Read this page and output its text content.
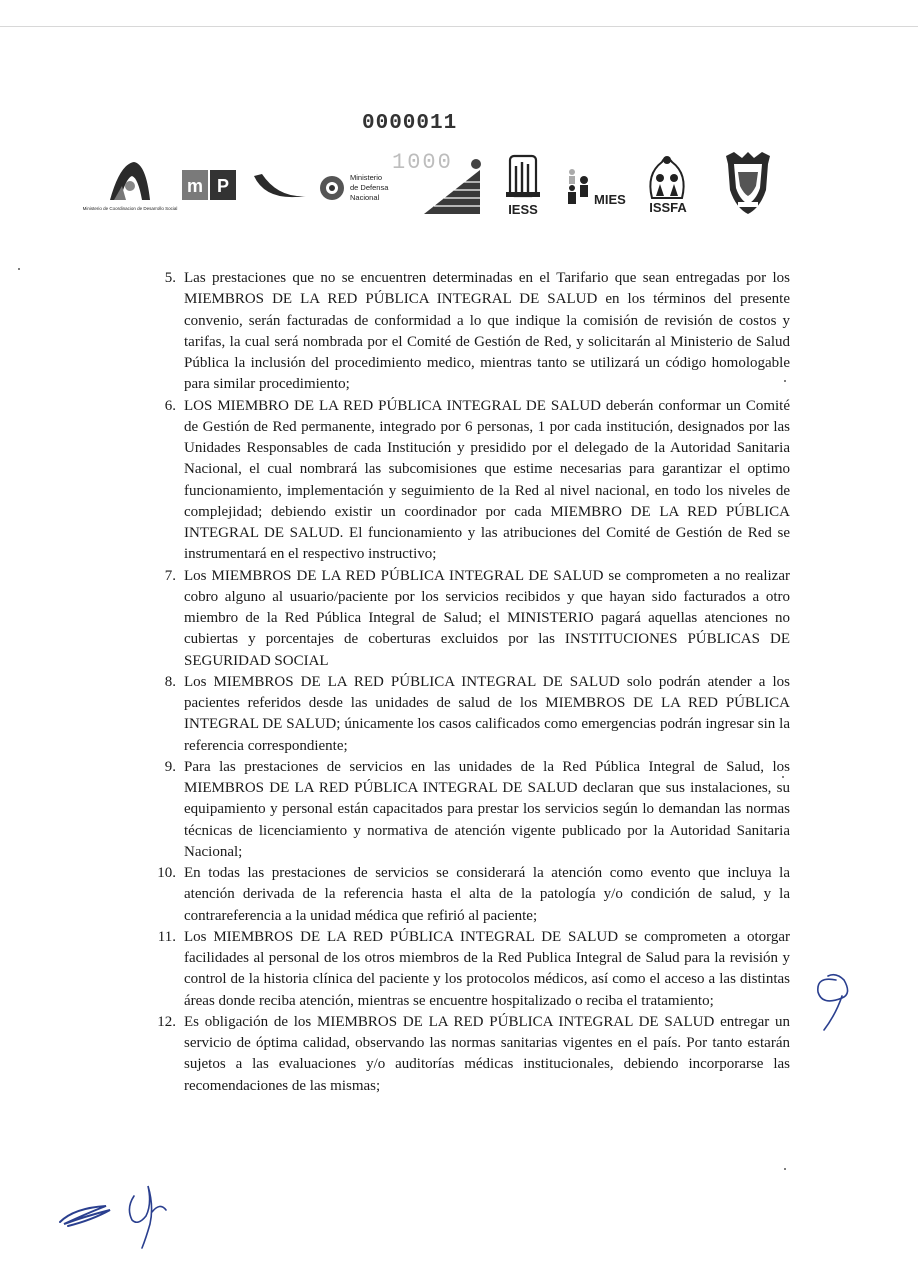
0000011
1000
Ministerio de Coordinacion de Desarrollo Social
m P	Ministerio
de Defensa
Nacional
IESS
MIES
ISSFA
5. Las prestaciones que no se encuentren determinadas en el Tarifario que sean entregadas por los MIEMBROS DE LA RED PÚBLICA INTEGRAL DE SALUD en los términos del presente convenio, serán facturadas de conformidad a lo que indique la comisión de revisión de costos y tarifas, la cual será nombrada por el Comité de Gestión de Red, y solicitarán al Ministerio de Salud Pública la inclusión del procedimiento medico, mientras tanto se utilizará un código homologable para similar procedimiento;
6. LOS MIEMBRO DE LA RED PÚBLICA INTEGRAL DE SALUD deberán conformar un Comité de Gestión de Red permanente, integrado por 6 personas, 1 por cada institución, designados por las Unidades Responsables de cada Institución y presidido por el delegado de la Autoridad Sanitaria Nacional, el cual nombrará las subcomisiones que estime necesarias para garantizar el optimo funcionamiento, implementación y seguimiento de la Red al nivel nacional, en todo los niveles de complejidad; debiendo existir un coordinador por cada MIEMBRO DE LA RED PÚBLICA INTEGRAL DE SALUD. El funcionamiento y las atribuciones del Comité de Gestión de Red se instrumentará en el respectivo instructivo;
7. Los MIEMBROS DE LA RED PÚBLICA INTEGRAL DE SALUD se comprometen a no realizar cobro alguno al usuario/paciente por los servicios recibidos y que hayan sido facturados a otro miembro de la Red Pública Integral de Salud; el MINISTERIO pagará aquellas atenciones no cubiertas y porcentajes de coberturas excluidos por las INSTITUCIONES PÚBLICAS DE SEGURIDAD SOCIAL
8. Los MIEMBROS DE LA RED PÚBLICA INTEGRAL DE SALUD solo podrán atender a los pacientes referidos desde las unidades de salud de los MIEMBROS DE LA RED PÚBLICA INTEGRAL DE SALUD; únicamente los casos calificados como emergencias podrán ingresar sin la referencia correspondiente;
9. Para las prestaciones de servicios en las unidades de la Red Pública Integral de Salud, los MIEMBROS DE LA RED PÚBLICA INTEGRAL DE SALUD declaran que sus instalaciones, su equipamiento y personal están capacitados para prestar los servicios según lo demandan las normas técnicas de licenciamiento y normativa de atención vigente publicado por la Autoridad Sanitaria Nacional;
10. En todas las prestaciones de servicios se considerará la atención como evento que incluya la atención derivada de la referencia hasta el alta de la patología y/o condición de salud, y la contrareferencia a la unidad médica que refirió al paciente;
11. Los MIEMBROS DE LA RED PÚBLICA INTEGRAL DE SALUD se comprometen a otorgar facilidades al personal de los otros miembros de la Red Publica Integral de Salud para la revisión y control de la historia clínica del paciente y los protocolos médicos, así como el acceso a las distintas áreas donde reciba atención, mientras se encuentre hospitalizado o reciba el tratamiento;
12. Es obligación de los MIEMBROS DE LA RED PÚBLICA INTEGRAL DE SALUD entregar un servicio de óptima calidad, observando las normas sanitarias vigentes en el país. Por tanto estarán sujetos a las evaluaciones y/o auditorías médicas institucionales, debiendo incorporarse las recomendaciones de las mismas;
